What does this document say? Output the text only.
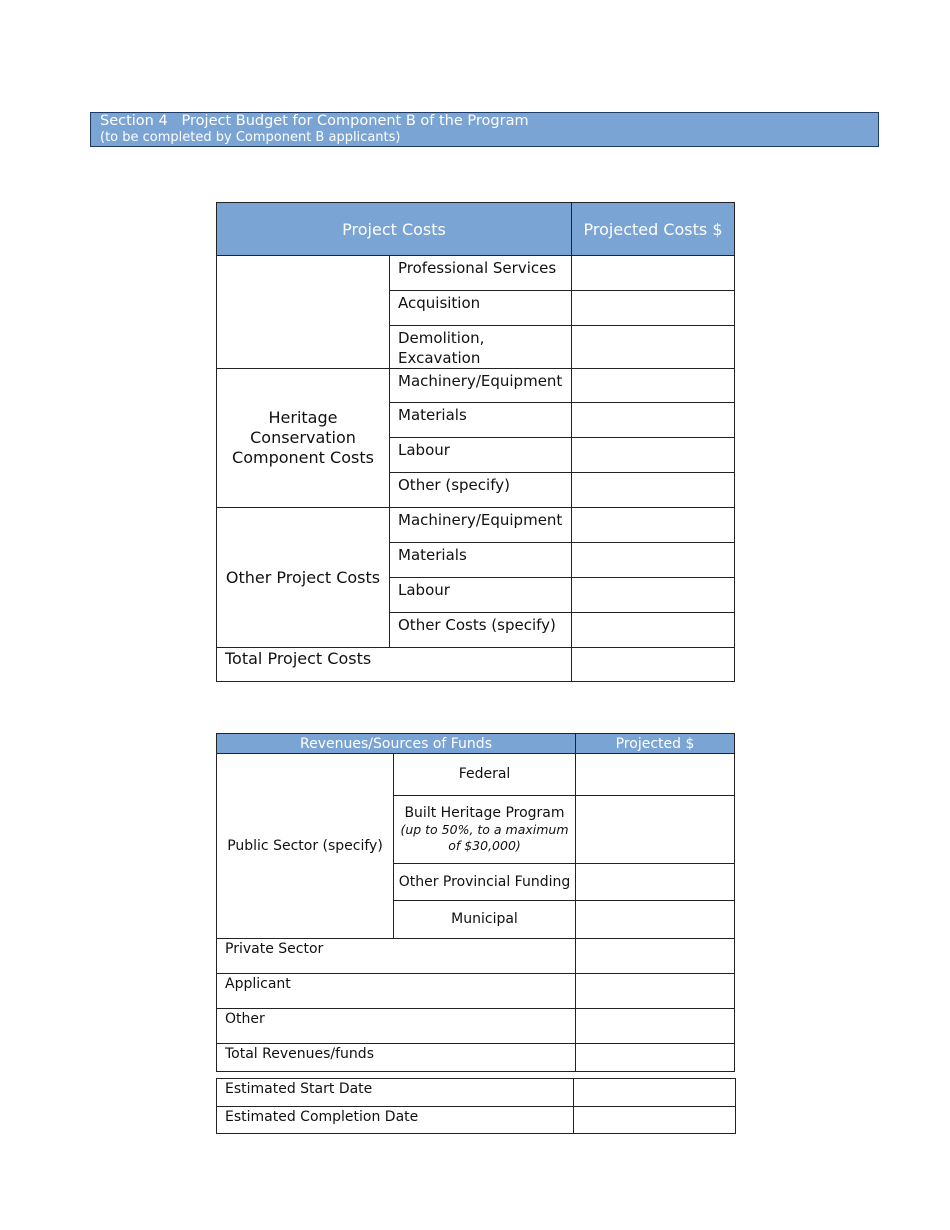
Section 4   Project Budget for Component B of the Program
(to be completed by Component B applicants)
Project Costs		Projected Costs $
	Professional Services	
	Acquisition	
	Demolition, Excavation	
Heritage Conservation Component Costs	Machinery/Equipment	
	Materials	
	Labour	
	Other (specify)	
Other Project Costs	Machinery/Equipment	
	Materials	
	Labour	
	Other Costs (specify)	
Total Project Costs		
Revenues/Sources of Funds		Projected $
Public Sector (specify)	Federal	
	Built Heritage Program
(up to 50%, to a maximum of $30,000)	

	Other Provincial Funding	
	Municipal	
Private Sector		
Applicant		
Other		
Total Revenues/funds		
Estimated Start Date	
Estimated Completion Date	
